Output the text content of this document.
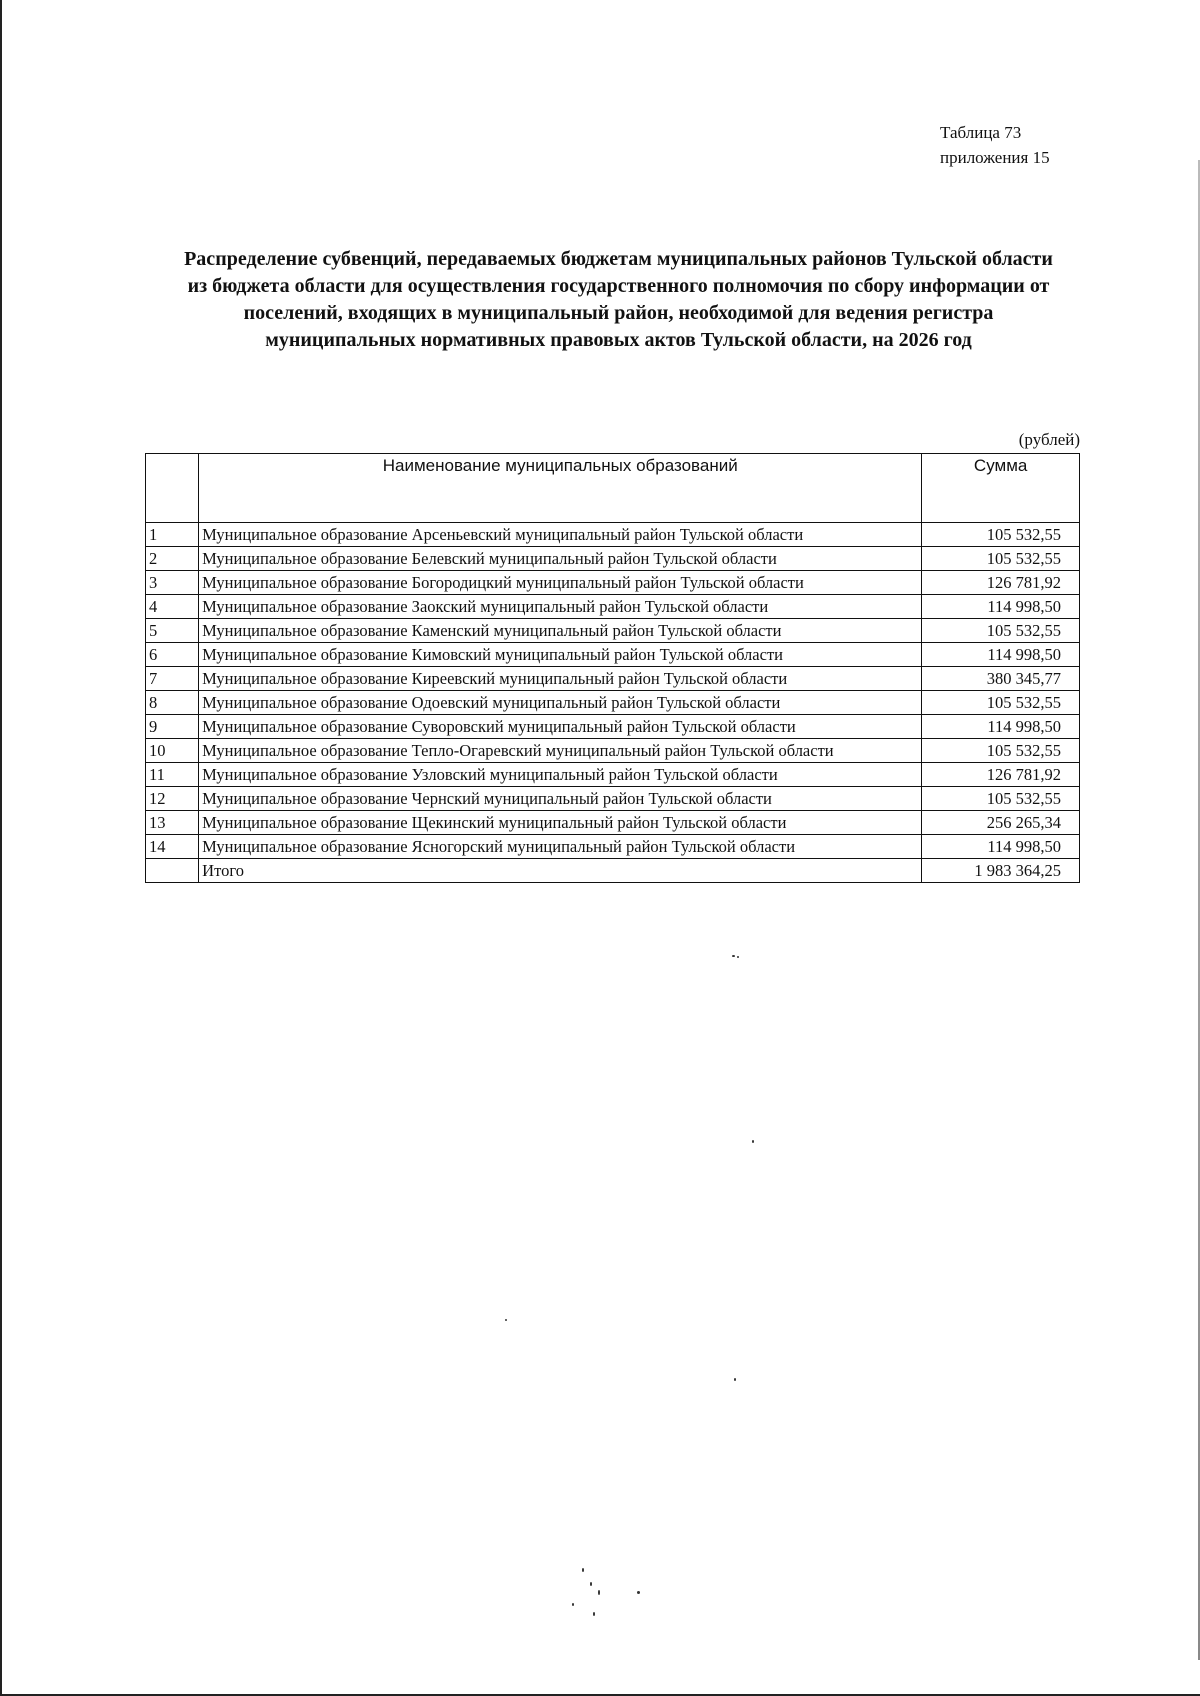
Таблица 73
приложения 15
Распределение субвенций, передаваемых бюджетам муниципальных районов Тульской области
из бюджета области для осуществления государственного полномочия по сбору информации от
поселений, входящих в муниципальный район, необходимой для ведения регистра
муниципальных нормативных правовых актов Тульской области, на 2026 год
(рублей)
	Наименование муниципальных образований	Сумма
1	Муниципальное образование Арсеньевский муниципальный район Тульской области	105 532,55
2	Муниципальное образование Белевский муниципальный район Тульской области	105 532,55
3	Муниципальное образование Богородицкий муниципальный район Тульской области	126 781,92
4	Муниципальное образование Заокский муниципальный район Тульской области	114 998,50
5	Муниципальное образование Каменский муниципальный район Тульской области	105 532,55
6	Муниципальное образование Кимовский муниципальный район Тульской области	114 998,50
7	Муниципальное образование Киреевский муниципальный район Тульской области	380 345,77
8	Муниципальное образование Одоевский муниципальный район Тульской области	105 532,55
9	Муниципальное образование Суворовский муниципальный район Тульской области	114 998,50
10	Муниципальное образование Тепло-Огаревский муниципальный район Тульской области	105 532,55
11	Муниципальное образование Узловский муниципальный район Тульской области	126 781,92
12	Муниципальное образование Чернский муниципальный район Тульской области	105 532,55
13	Муниципальное образование Щекинский муниципальный район Тульской области	256 265,34
14	Муниципальное образование Ясногорский муниципальный район Тульской области	114 998,50
	Итого	1 983 364,25
